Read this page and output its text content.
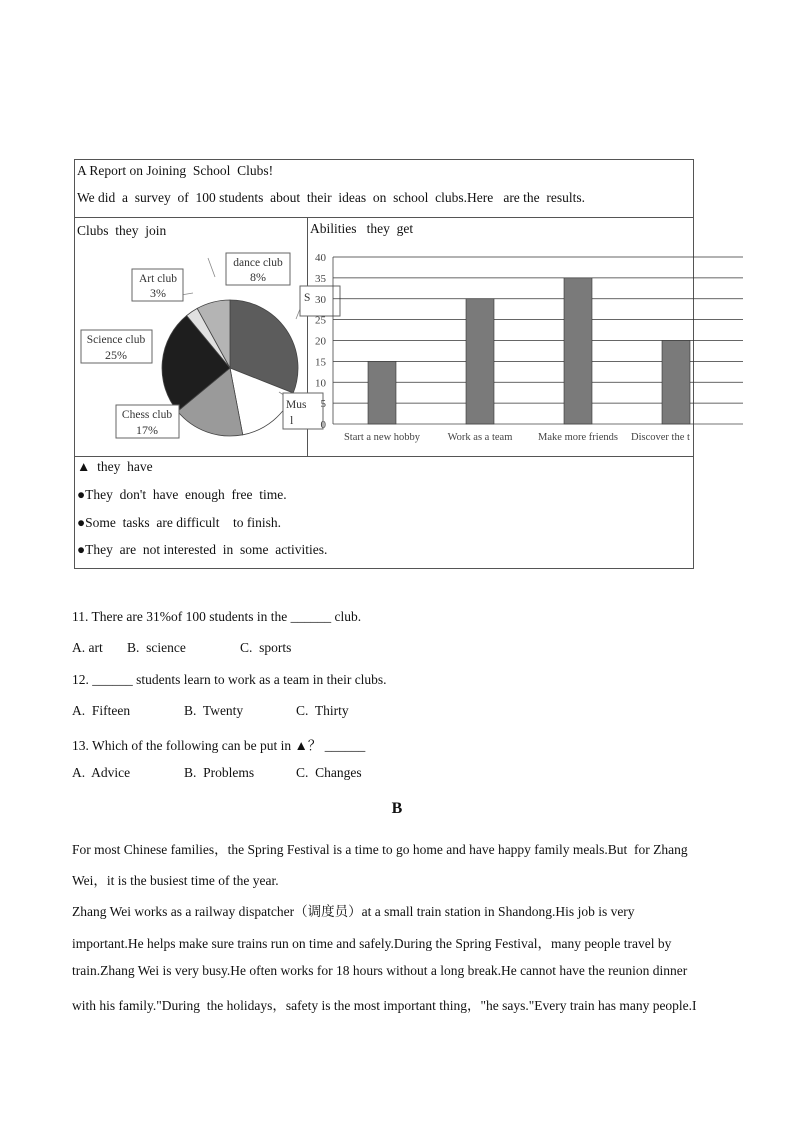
A Report on Joining  School  Clubs!
We did  a  survey  of  100 students  about  their  ideas  on  school  clubs.Here   are the  results.
Clubs  they  join	Abilities   they  get
dance club
8%
Art club
3%
Science club
25%
Chess club
17%
Mus
l
S
0
5
10
15
20
25
30
35
40
Start a new hobby	Work as a team Make more friends Discover the t
▲  they  have
●They  don't  have  enough  free  time.
●Some  tasks  are difficult    to finish.
●They  are  not interested  in  some  activities.
11. There are 31%of 100 students in the ______ club.
A. art B.  science	C.  sports
12. ______ students learn to work as a team in their clubs.
A.  Fifteen	B.  Twenty	C.  Thirty
13. Which of the following can be put in ▲？ ______
A.  Advice	B.  Problems	C.  Changes
B
For most Chinese families，the Spring Festival is a time to go home and have happy family meals.But  for Zhang
Wei，it is the busiest time of the year.
Zhang Wei works as a railway dispatcher（调度员）at a small train station in Shandong.His job is very
important.He helps make sure trains run on time and safely.During the Spring Festival，many people travel by
train.Zhang Wei is very busy.He often works for 18 hours without a long break.He cannot have the reunion dinner
with his family."During  the holidays，safety is the most important thing，"he says."Every train has many people.I
